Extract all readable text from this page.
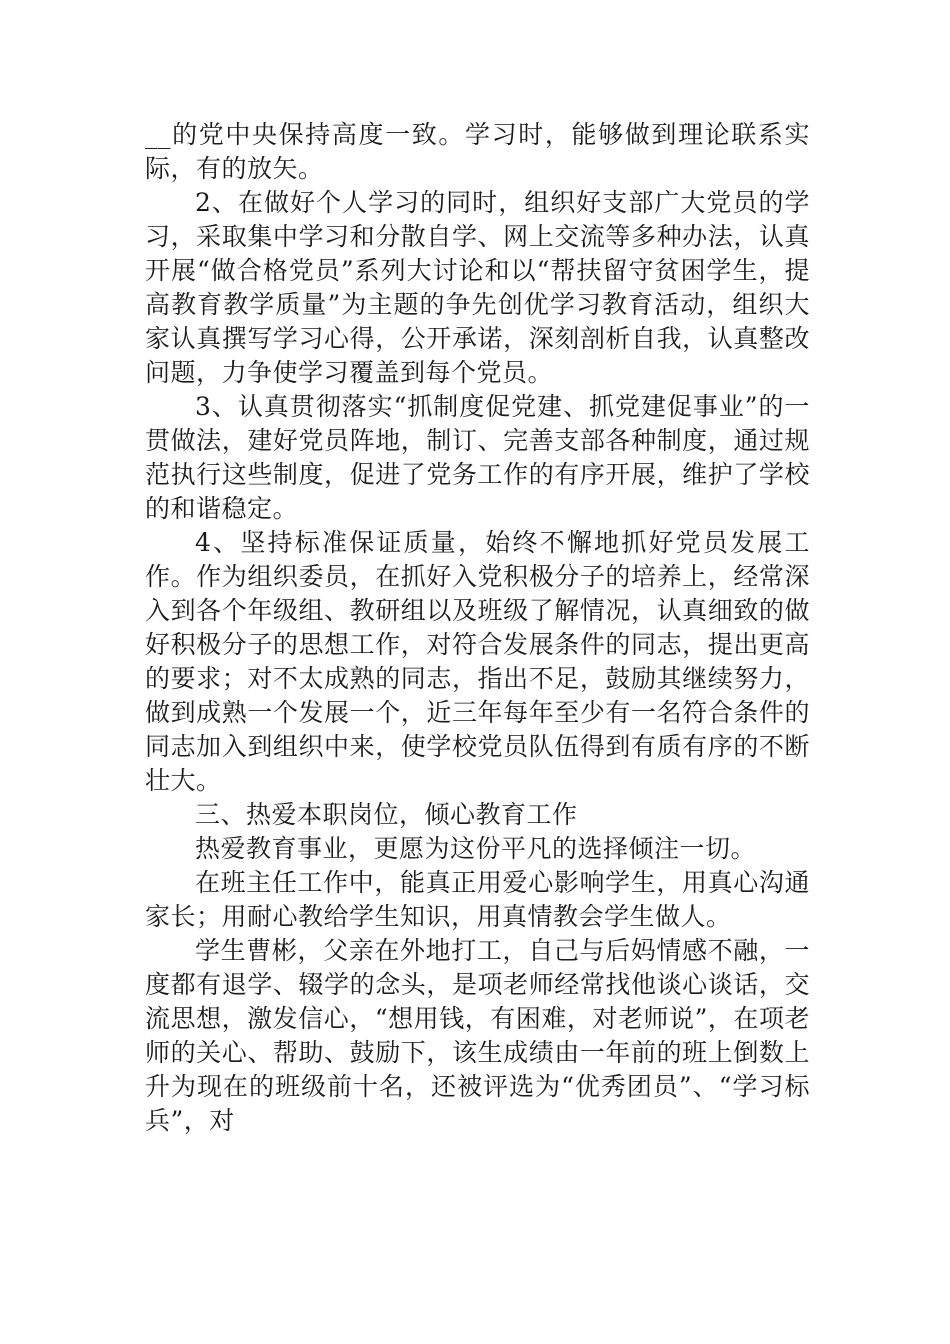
__的党中央保持高度一致。学习时，能够做到理论联系实际，有的放矢。

2、在做好个人学习的同时，组织好支部广大党员的学习，采取集中学习和分散自学、网上交流等多种办法，认真开展“做合格党员”系列大讨论和以“帮扶留守贫困学生，提高教育教学质量”为主题的争先创优学习教育活动，组织大家认真撰写学习心得，公开承诺，深刻剖析自我，认真整改问题，力争使学习覆盖到每个党员。

3、认真贯彻落实“抓制度促党建、抓党建促事业”的一贯做法，建好党员阵地，制订、完善支部各种制度，通过规范执行这些制度，促进了党务工作的有序开展，维护了学校的和谐稳定。

4、坚持标准保证质量，始终不懈地抓好党员发展工作。作为组织委员，在抓好入党积极分子的培养上，经常深入到各个年级组、教研组以及班级了解情况，认真细致的做好积极分子的思想工作，对符合发展条件的同志，提出更高的要求；对不太成熟的同志，指出不足，鼓励其继续努力，做到成熟一个发展一个，近三年每年至少有一名符合条件的同志加入到组织中来，使学校党员队伍得到有质有序的不断壮大。

三、热爱本职岗位，倾心教育工作

热爱教育事业，更愿为这份平凡的选择倾注一切。

在班主任工作中，能真正用爱心影响学生，用真心沟通家长；用耐心教给学生知识，用真情教会学生做人。

学生曹彬，父亲在外地打工，自己与后妈情感不融，一度都有退学、辍学的念头，是项老师经常找他谈心谈话，交流思想，激发信心，“想用钱，有困难，对老师说”，在项老师的关心、帮助、鼓励下，该生成绩由一年前的班上倒数上升为现在的班级前十名，还被评选为“优秀团员”、“学习标兵”，对
